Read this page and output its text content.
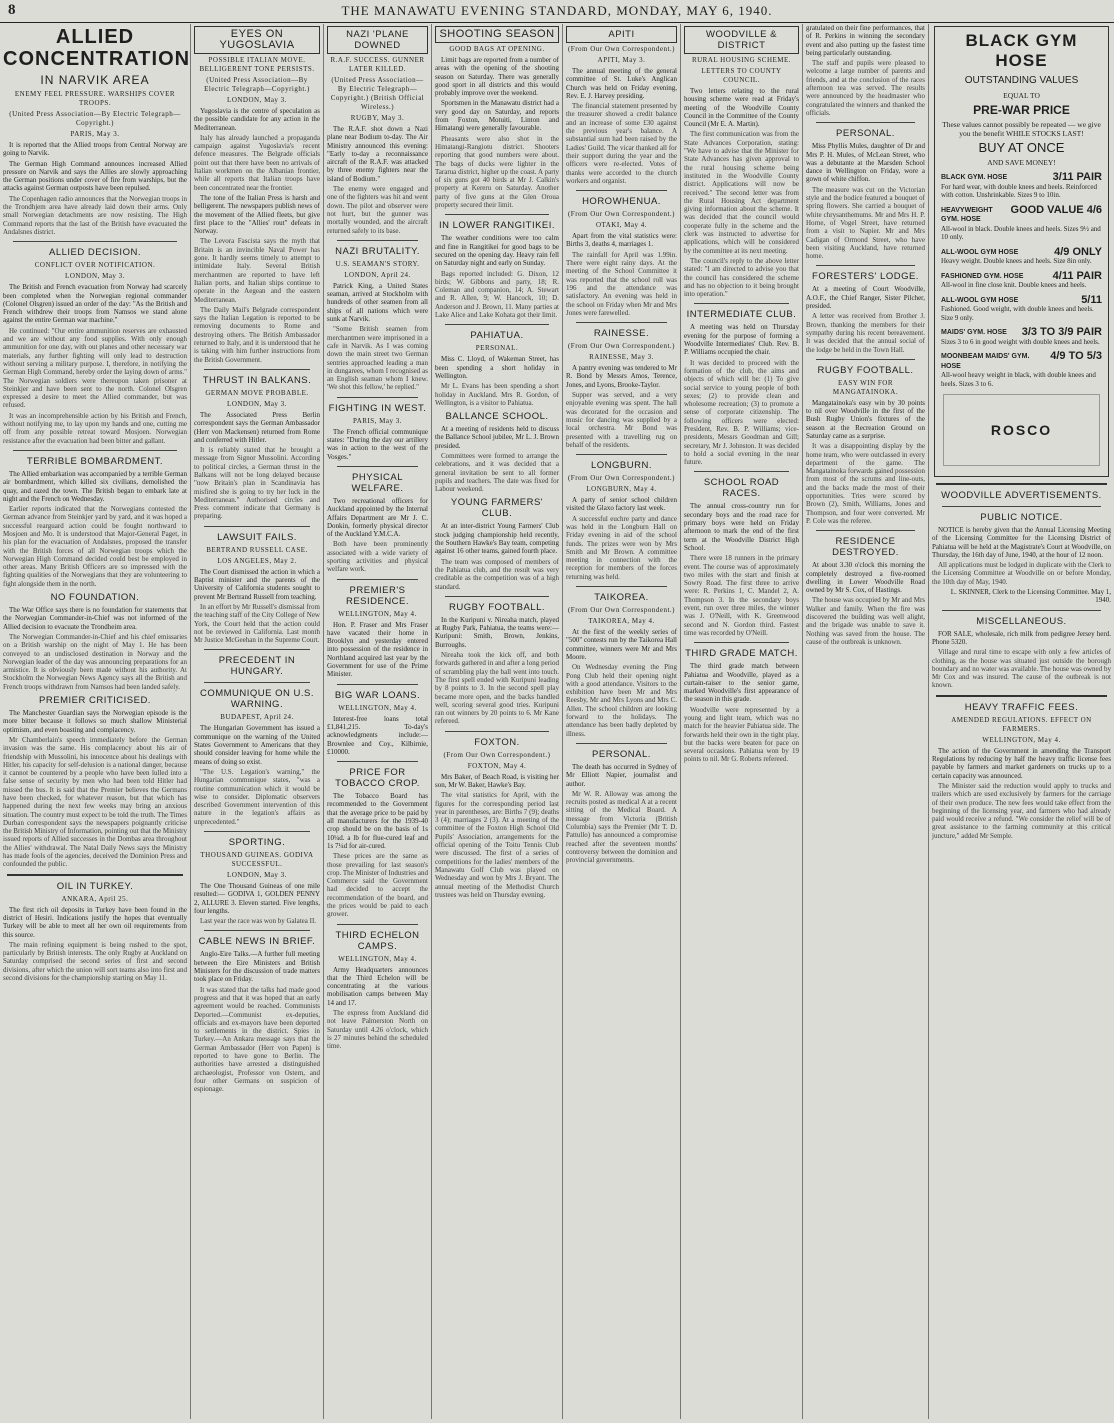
8	THE MANAWATU EVENING STANDARD, MONDAY, MAY 6, 1940.
ALLIED CONCENTRATION
IN NARVIK AREA
ENEMY FEEL PRESSURE. WARSHIPS COVER TROOPS.
(United Press Association—By Electric Telegraph—Copyright.)
PARIS, May 3.

It is reported that the Allied troops from Central Norway are going to Narvik.

The German High Command announces increased Allied pressure on Narvik and says the Allies are slowly approaching the German positions under cover of fire from warships, but the attacks against German outposts have been repulsed.

The Copenhagen radio announces that the Norwegian troops in the Trondhjem area have already laid down their arms. Only small Norwegian detachments are now resisting. The High Command reports that the last of the British have evacuated the Andalsnes district.

ALLIED DECISION.
CONFLICT OVER NOTIFICATION.
LONDON, May 3.

The British and French evacuation from Norway had scarcely been completed when the Norwegian regional commander (Colonel Olsgren) issued an order of the day: "As the British and French withdrew their troops from Namsos we stand alone against the entire German war machine."

He continued: "Our entire ammunition reserves are exhausted and we are without any food supplies. With only enough ammunition for one day, with out planes and other necessary war materials, any further fighting will only lead to destruction without serving a military purpose. I, therefore, in notifying the German High Command, hereby order the laying down of arms." The Norwegian soldiers were thereupon taken prisoner at Steinkjer and have been sent to the north. Colonel Olsgren expressed a desire to meet the Allied commander, but was refused.

It was an incomprehensible action by his British and French, without notifying me, to lay upon my hands and one, cutting me off from any possible retreat toward Mosjoen. Norwegian resistance after the evacuation had been bitter and gallant.

TERRIBLE BOMBARDMENT.

The Allied embarkation was accompanied by a terrible German air bombardment, which killed six civilians, demolished the quay, and razed the town. The British began to embark late at night and the French on Wednesday.

Earlier reports indicated that the Norwegians contested the German advance from Steinkjer yard by yard, and it was hoped a successful rearguard action could be fought northward to Mosjoen and Mo. It is understood that Major-General Paget, in his plan for the evacuation of Andalsnes, proposed the transfer with the British forces of all Norwegian troops which the Norwegian High Command decided could best be employed in other areas. Many British Officers are so impressed with the fighting qualities of the Norwegians that they are volunteering to fight alongside them in the north.

NO FOUNDATION.

The War Office says there is no foundation for statements that the Norwegian Commander-in-Chief was not informed of the Allied decision to evacuate the Trondheim area.

The Norwegian Commander-in-Chief and his chief emissaries on a British warship on the night of May 1. He has been conveyed to an undisclosed destination in Norway and the Norwegian leader of the day was announcing preparations for an armistice. It is obviously been made without his authority. At Stockholm the Norwegian News Agency says all the British and French troops withdrawn from Namsos had been landed safely.

PREMIER CRITICISED.

The Manchester Guardian says the Norwegian episode is the more bitter because it follows so much shallow Ministerial optimism, and even boasting and complacency.

Mr Chamberlain's speech immediately before the German invasion was the same. His complacency about his air of friendship with Mussolini, his innocence about his dealings with Hitler, his capacity for self-delusion is a national danger, because it cannot be countered by a people who have been lulled into a false sense of security by men who had been told Hitler had missed the bus. It is said that the Premier believes the Germans have been checked, for whatever reason, but that which has happened during the next few weeks may bring an anxious situation. The country must expect to be told the truth. The Times Durban correspondent says the newspapers poignantly criticise the British Ministry of Information, pointing out that the Ministry issued reports of Allied successes in the Dombas area throughout the Allies' withdrawal. The Natal Daily News says the Ministry has made fools of the agencies, deceived the Dominion Press and confounded the public.

OIL IN TURKEY.
ANKARA, April 25.

The first rich oil deposits in Turkey have been found in the district of Hesiri. Indications justify the hopes that eventually Turkey will be able to meet all her own oil requirements from this source.

The main refining equipment is being rushed to the spot, particularly by British interests. The only Rugby at Auckland on Saturday comprised the second series of first and second divisions, after which the union will sort teams also into first and second divisions for the championship starting on May 11.

EYES ON YUGOSLAVIA
POSSIBLE ITALIAN MOVE. BELLIGERENT TONE PERSISTS.
(United Press Association—By Electric Telegraph—Copyright.)
LONDON, May 3.

Yugoslavia is the centre of speculation as the possible candidate for any action in the Mediterranean.

Italy has already launched a propaganda campaign against Yugoslavia's recent defence measures. The Belgrade officials point out that there have been no arrivals of Italian workmen on the Albanian frontier, while all reports that Italian troops have been concentrated near the frontier.

The tone of the Italian Press is harsh and belligerent. The newspapers publish news of the movement of the Allied fleets, but give first place to the "Allies' rout" defeats in Norway.

The Levora Fascista says the myth that Britain is an invincible Naval Power has gone. It hardly seems timely to attempt to intimidate Italy. Several British merchantmen are reported to have left Italian ports, and Italian ships continue to operate in the Aegean and the eastern Mediterranean.

The Daily Mail's Belgrade correspondent says the Italian Legation is reported to be removing documents to Rome and destroying others. The British Ambassador returned to Italy, and it is understood that he is taking with him further instructions from the British Government.

THRUST IN BALKANS.
GERMAN MOVE PROBABLE.
LONDON, May 3.

The Associated Press Berlin correspondent says the German Ambassador (Herr von Mackensen) returned from Rome and conferred with Hitler.

It is reliably stated that he brought a message from Signor Mussolini. According to political circles, a German thrust in the Balkans will not be long delayed because "now Britain's plan in Scandinavia has misfired she is going to try her luck in the Mediterranean." Authorised circles and Press comment indicate that Germany is preparing.

LAWSUIT FAILS.
BERTRAND RUSSELL CASE.
LOS ANGELES, May 2.

The Court dismissed the action in which a Baptist minister and the parents of the University of California students sought to prevent Mr Bertrand Russell from teaching.

In an effort by Mr Russell's dismissal from the teaching staff of the City College of New York, the Court held that the action could not be reviewed in California. Last month Mr Justice McGeehan in the Supreme Court.

PRECEDENT IN HUNGARY.
COMMUNIQUE ON U.S. WARNING.
BUDAPEST, April 24.

The Hungarian Government has issued a communique on the warning of the United States Government to Americans that they should consider leaving for home while the means of doing so exist.

"The U.S. Legation's warning," the Hungarian communique states, "was a routine communication which it would be wise to consider. Diplomatic observers described Government intervention of this nature in the legation's affairs as unprecedented."

SPORTING.
THOUSAND GUINEAS. GODIVA SUCCESSFUL.
LONDON, May 3.

The One Thousand Guineas of one mile resulted:— GODIVA 1, GOLDEN PENNY 2, ALLURE 3. Eleven started. Five lengths, four lengths.

Last year the race was won by Galatea II.

CABLE NEWS IN BRIEF.

Anglo-Eire Talks.—A further full meeting between the Eire Ministers and British Ministers for the discussion of trade matters took place on Friday.

It was stated that the talks had made good progress and that it was hoped that an early agreement would be reached. Communists Deported.—Communist ex-deputies, officials and ex-mayors have been deported to settlements in the district. Spies in Turkey.—An Ankara message says that the German Ambassador (Herr von Papen) is reported to have gone to Berlin. The authorities have arrested a distinguished archaeologist, Professor von Ostern, and four other Germans on suspicion of espionage.

NAZI 'PLANE DOWNED
R.A.F. SUCCESS. GUNNER LATER KILLED.
(United Press Association—By Electric Telegraph—Copyright.) (British Official Wireless.)
RUGBY, May 3.

The R.A.F. shot down a Nazi plane near Bodium to-day. The Air Ministry announced this evening: "Early to-day a reconnaissance aircraft of the R.A.F. was attacked by three enemy fighters near the island of Bodium."

The enemy were engaged and one of the fighters was hit and went down. The pilot and observer were not hurt, but the gunner was mortally wounded, and the aircraft returned safely to its base.

NAZI BRUTALITY.
U.S. SEAMAN'S STORY.
LONDON, April 24.

Patrick King, a United States seaman, arrived at Stockholm with hundreds of other seamen from all ships of all nations which were sunk at Narvik.

"Some British seamen from merchantmen were imprisoned in a cafe in Narvik. As I was coming down the main street two German sentries approached leading a man in dungarees, whom I recognised as an English seaman whom I knew. 'We shot this fellow,' he replied."

FIGHTING IN WEST.
PARIS, May 3.

The French official communique states: "During the day our artillery was in action to the west of the Vosges."

PHYSICAL WELFARE.

Two recreational officers for Auckland appointed by the Internal Affairs Department are Mr J. C. Donkin, formerly physical director of the Auckland Y.M.C.A.

Both have been prominently associated with a wide variety of sporting activities and physical welfare work.

PREMIER'S RESIDENCE.
WELLINGTON, May 4.

Hon. P. Fraser and Mrs Fraser have vacated their home in Brooklyn and yesterday entered into possession of the residence in Northland acquired last year by the Government for use of the Prime Minister.

BIG WAR LOANS.
WELLINGTON, May 4.

Interest-free loans total £1,841,215. To-day's acknowledgments include:— Brownlee and Coy., Kilbirnie, £10000.

PRICE FOR TOBACCO CROP.

The Tobacco Board has recommended to the Government that the average price to be paid by all manufacturers for the 1939-40 crop should be on the basis of 1s 10¼d. a lb for flue-cured leaf and 1s 7¼d for air-cured.

These prices are the same as those prevailing for last season's crop. The Minister of Industries and Commerce said the Government had decided to accept the recommendation of the board, and the prices would be paid to each grower.

THIRD ECHELON CAMPS.
WELLINGTON, May 4.

Army Headquarters announces that the Third Echelon will be concentrating at the various mobilisation camps between May 14 and 17.

The express from Auckland did not leave Palmerston North on Saturday until 4.26 o'clock, which is 27 minutes behind the scheduled time.

SHOOTING SEASON
GOOD BAGS AT OPENING.

Limit bags are reported from a number of areas with the opening of the shooting season on Saturday. There was generally good sport in all districts and this would probably improve over the weekend.

Sportsmen in the Manawatu district had a very good day on Saturday, and reports from Foxton, Motuiti, Linton and Himatangi were generally favourable.

Pheasants were also shot in the Himatangi-Rangiotu district. Shooters reporting that good numbers were about. The bags of ducks were lighter in the Tararua district, higher up the coast. A party of six guns got 40 birds at Mr J. Calkin's property at Kereru on Saturday. Another party of five guns at the Glen Oroua property secured their limit.

IN LOWER RANGITIKEI.

The weather conditions were too calm and fine in Rangitikei for good bags to be secured on the opening day. Heavy rain fell on Saturday night and early on Sunday.

Bags reported included: G. Dixon, 12 birds; W. Gibbons and party, 18; R. Coleman and companion, 14; A. Stewart and R. Allen, 9; W. Hancock, 10; D. Anderson and J. Brown, 11. Many parties at Lake Alice and Lake Kohata got their limit.

PAHIATUA.
PERSONAL.

Miss C. Lloyd, of Wakeman Street, has been spending a short holiday in Wellington.

Mr L. Evans has been spending a short holiday in Auckland. Mrs R. Gordon, of Wellington, is a visitor to Pahiatua.

BALLANCE SCHOOL.

At a meeting of residents held to discuss the Ballance School jubilee, Mr L. J. Brown presided.

Committees were formed to arrange the celebrations, and it was decided that a general invitation be sent to all former pupils and teachers. The date was fixed for Labour weekend.

YOUNG FARMERS' CLUB.

At an inter-district Young Farmers' Club stock judging championship held recently, the Southern Hawke's Bay team, competing against 16 other teams, gained fourth place.

The team was composed of members of the Pahiatua club, and the result was very creditable as the competition was of a high standard.

RUGBY FOOTBALL.

In the Kuripuni v. Nireaha match, played at Rugby Park, Pahiatua, the teams were:— Kuripuni: Smith, Brown, Jenkins, Burroughs.

Nireaha took the kick off, and both forwards gathered in and after a long period of scrambling play the ball went into touch. The first spell ended with Kuripuni leading by 8 points to 3. In the second spell play became more open, and the backs handled well, scoring several good tries. Kuripuni ran out winners by 20 points to 6. Mr Kane refereed.

FOXTON.
(From Our Own Correspondent.)
FOXTON, May 4.

Mrs Baker, of Beach Road, is visiting her son, Mr W. Baker, Hawke's Bay.

The vital statistics for April, with the figures for the corresponding period last year in parentheses, are: Births 7 (9); deaths 3 (4); marriages 2 (3). At a meeting of the committee of the Foxton High School Old Pupils' Association, arrangements for the official opening of the Toitu Tennis Club were discussed. The first of a series of competitions for the ladies' members of the Manawatu Golf Club was played on Wednesday and won by Mrs J. Bryant. The annual meeting of the Methodist Church trustees was held on Thursday evening.

APITI
(From Our Own Correspondent.)
APITI, May 3.

The annual meeting of the general committee of St. Luke's Anglican Church was held on Friday evening, Rev. E. J. Harvey presiding.

The financial statement presented by the treasurer showed a credit balance and an increase of some £30 against the previous year's balance. A substantial sum had been raised by the Ladies' Guild. The vicar thanked all for their support during the year and the officers were re-elected. Votes of thanks were accorded to the church workers and organist.

HOROWHENUA.
(From Our Own Correspondent.)
OTAKI, May 4.

Apart from the vital statistics were: Births 3, deaths 4, marriages 1.

The rainfall for April was 1.99in. There were eight rainy days. At the meeting of the School Committee it was reported that the school roll was 196 and the attendance was satisfactory. An evening was held in the school on Friday when Mr and Mrs Jones were farewelled.

RAINESSE.
(From Our Own Correspondent.)
RAINESSE, May 3.

A pantry evening was tendered to Mr R. Bond by Messrs Amos, Terence, Jones, and Lyons, Brooke-Taylor.

Supper was served, and a very enjoyable evening was spent. The hall was decorated for the occasion and music for dancing was supplied by a local orchestra. Mr Bond was presented with a travelling rug on behalf of the residents.

LONGBURN.
(From Our Own Correspondent.)
LONGBURN, May 4.

A party of senior school children visited the Glaxo factory last week.

A successful euchre party and dance was held in the Longburn Hall on Friday evening in aid of the school funds. The prizes were won by Mrs Smith and Mr Brown. A committee meeting in connection with the reception for members of the forces returning was held.

TAIKOREA.
(From Our Own Correspondent.)
TAIKOREA, May 4.

At the first of the weekly series of "500" contests run by the Taikorea Hall committee, winners were Mr and Mrs Moore.

On Wednesday evening the Ping Pong Club held their opening night with a good attendance. Visitors to the exhibition have been Mr and Mrs Reesby, Mr and Mrs Lyons and Mrs C. Allen. The school children are looking forward to the holidays. The attendance has been badly depleted by illness.

PERSONAL.

The death has occurred in Sydney of Mr Elliott Napier, journalist and author.

Mr W. R. Alloway was among the recruits posted as medical A at a recent sitting of the Medical Board. A message from Victoria (British Columbia) says the Premier (Mr T. D. Pattullo) has announced a compromise reached after the seventeen months' controversy between the dominion and provincial governments.

WOODVILLE & DISTRICT
RURAL HOUSING SCHEME.
LETTERS TO COUNTY COUNCIL.

Two letters relating to the rural housing scheme were read at Friday's meeting of the Woodville County Council in the Committee of the County Council (Mr E. A. Martin).

The first communication was from the State Advances Corporation, stating: "We have to advise that the Minister for State Advances has given approval to the rural housing scheme being instituted in the Woodville County district. Applications will now be received." The second letter was from the Rural Housing Act department giving information about the scheme. It was decided that the council would cooperate fully in the scheme and the clerk was instructed to advertise for applications, which will be considered by the committee at its next meeting.

The council's reply to the above letter stated: "I am directed to advise you that the council has considered the scheme and has no objection to it being brought into operation."

INTERMEDIATE CLUB.

A meeting was held on Thursday evening for the purpose of forming a Woodville Intermediates' Club. Rev. B. P. Williams occupied the chair.

It was decided to proceed with the formation of the club, the aims and objects of which will be: (1) To give social service to young people of both sexes; (2) to provide clean and wholesome recreation; (3) to promote a sense of corporate citizenship. The following officers were elected: President, Rev. B. P. Williams; vice-presidents, Messrs Goodman and Gill; secretary, Mr J. Johnston. It was decided to hold a social evening in the near future.

SCHOOL ROAD RACES.

The annual cross-country run for secondary boys and the road race for primary boys were held on Friday afternoon to mark the end of the first term at the Woodville District High School.

There were 18 runners in the primary event. The course was of approximately two miles with the start and finish at Sowry Road. The first three to arrive were: R. Perkins 1, C. Mandel 2, A. Thompson 3. In the secondary boys event, run over three miles, the winner was J. O'Neill, with K. Greenwood second and N. Gordon third. Fastest time was recorded by O'Neill.

THIRD GRADE MATCH.

The third grade match between Pahiatua and Woodville, played as a curtain-raiser to the senior game, marked Woodville's first appearance of the season in this grade.

Woodville were represented by a young and light team, which was no match for the heavier Pahiatua side. The forwards held their own in the tight play, but the backs were beaten for pace on several occasions. Pahiatua won by 19 points to nil. Mr G. Roberts refereed.

gratulated on their fine performances, that of R. Perkins in winning the secondary event and also putting up the fastest time being particularly outstanding.

The staff and pupils were pleased to welcome a large number of parents and friends, and at the conclusion of the races afternoon tea was served. The results were announced by the headmaster who congratulated the winners and thanked the officials.

PERSONAL.

Miss Phyllis Mules, daughter of Dr and Mrs P. H. Mules, of McLean Street, who was a debutante at the Marsden School dance in Wellington on Friday, wore a gown of white chiffon.

The measure was cut on the Victorian style and the bodice featured a bouquet of spring flowers. She carried a bouquet of white chrysanthemums. Mr and Mrs H. P. Horne, of Vogel Street, have returned from a visit to Napier. Mr and Mrs Cadigan of Ormond Street, who have been visiting Auckland, have returned home.

FORESTERS' LODGE.

At a meeting of Court Woodville, A.O.F., the Chief Ranger, Sister Pilcher, presided.

A letter was received from Brother J. Brown, thanking the members for their sympathy during his recent bereavement. It was decided that the annual social of the lodge be held in the Town Hall.

RUGBY FOOTBALL.
EASY WIN FOR MANGATAINOKA.

Mangatainoka's easy win by 30 points to nil over Woodville in the first of the Bush Rugby Union's fixtures of the season at the Recreation Ground on Saturday came as a surprise.

It was a disappointing display by the home team, who were outclassed in every department of the game. The Mangatainoka forwards gained possession from most of the scrums and line-outs, and the backs made the most of their opportunities. Tries were scored by Brown (2), Smith, Williams, Jones and Thompson, and four were converted. Mr P. Cole was the referee.

RESIDENCE DESTROYED.

At about 3.30 o'clock this morning the completely destroyed a five-roomed dwelling in Lower Woodville Road owned by Mr S. Cox, of Hastings.

The house was occupied by Mr and Mrs Walker and family. When the fire was discovered the building was well alight, and the brigade was unable to save it. Nothing was saved from the house. The cause of the outbreak is unknown.

BLACK GYM HOSE
OUTSTANDING VALUES
EQUAL TO
PRE-WAR PRICE
These values cannot possibly be repeated — we give you the benefit WHILE STOCKS LAST!
BUY AT ONCE
AND SAVE MONEY!
3/11 PAIR
BLACK GYM. HOSE
For hard wear, with double knees and heels. Reinforced with cotton. Unshrinkable. Sizes 9 to 10in.
GOOD VALUE 4/6
HEAVYWEIGHT GYM. HOSE
All-wool in black. Double knees and heels. Sizes 9½ and 10 only.
4/9 ONLY
ALL-WOOL GYM HOSE
Heavy weight. Double knees and heels. Size 8in only.
4/11 PAIR
FASHIONED GYM. HOSE
All-wool in fine close knit. Double knees and heels.
5/11
ALL-WOOL GYM HOSE
Fashioned. Good weight, with double knees and heels. Size 9 only.
3/3 TO 3/9 PAIR
MAIDS' GYM. HOSE
Sizes 3 to 6 in good weight with double knees and heels.
4/9 TO 5/3
MOONBEAM MAIDS' GYM. HOSE
All-wool heavy weight in black, with double knees and heels. Sizes 3 to 6.
ROSCO
WOODVILLE ADVERTISEMENTS.
PUBLIC NOTICE.

NOTICE is hereby given that the Annual Licensing Meeting of the Licensing Committee for the Licensing District of Pahiatua will be held at the Magistrate's Court at Woodville, on Thursday, the 16th day of June, 1940, at the hour of 12 noon.

All applications must be lodged in duplicate with the Clerk to the Licensing Committee at Woodville on or before Monday, the 10th day of May, 1940.

L. SKINNER, Clerk to the Licensing Committee. May 1, 1940.

MISCELLANEOUS.

FOR SALE, wholesale, rich milk from pedigree Jersey herd. Phone 5320.

Village and rural time to escape with only a few articles of clothing, as the house was situated just outside the borough boundary and no water was available. The house was owned by Mr Cox and was insured. The cause of the outbreak is not known.

HEAVY TRAFFIC FEES.
AMENDED REGULATIONS. EFFECT ON FARMERS.
WELLINGTON, May 4.

The action of the Government in amending the Transport Regulations by reducing by half the heavy traffic license fees payable by farmers and market gardeners on trucks up to a certain capacity was announced.

The Minister said the reduction would apply to trucks and trailers which are used exclusively by farmers for the carriage of their own produce. The new fees would take effect from the beginning of the licensing year, and farmers who had already paid would receive a refund. "We consider the relief will be of great assistance to the farming community at this critical juncture," added Mr Semple.
